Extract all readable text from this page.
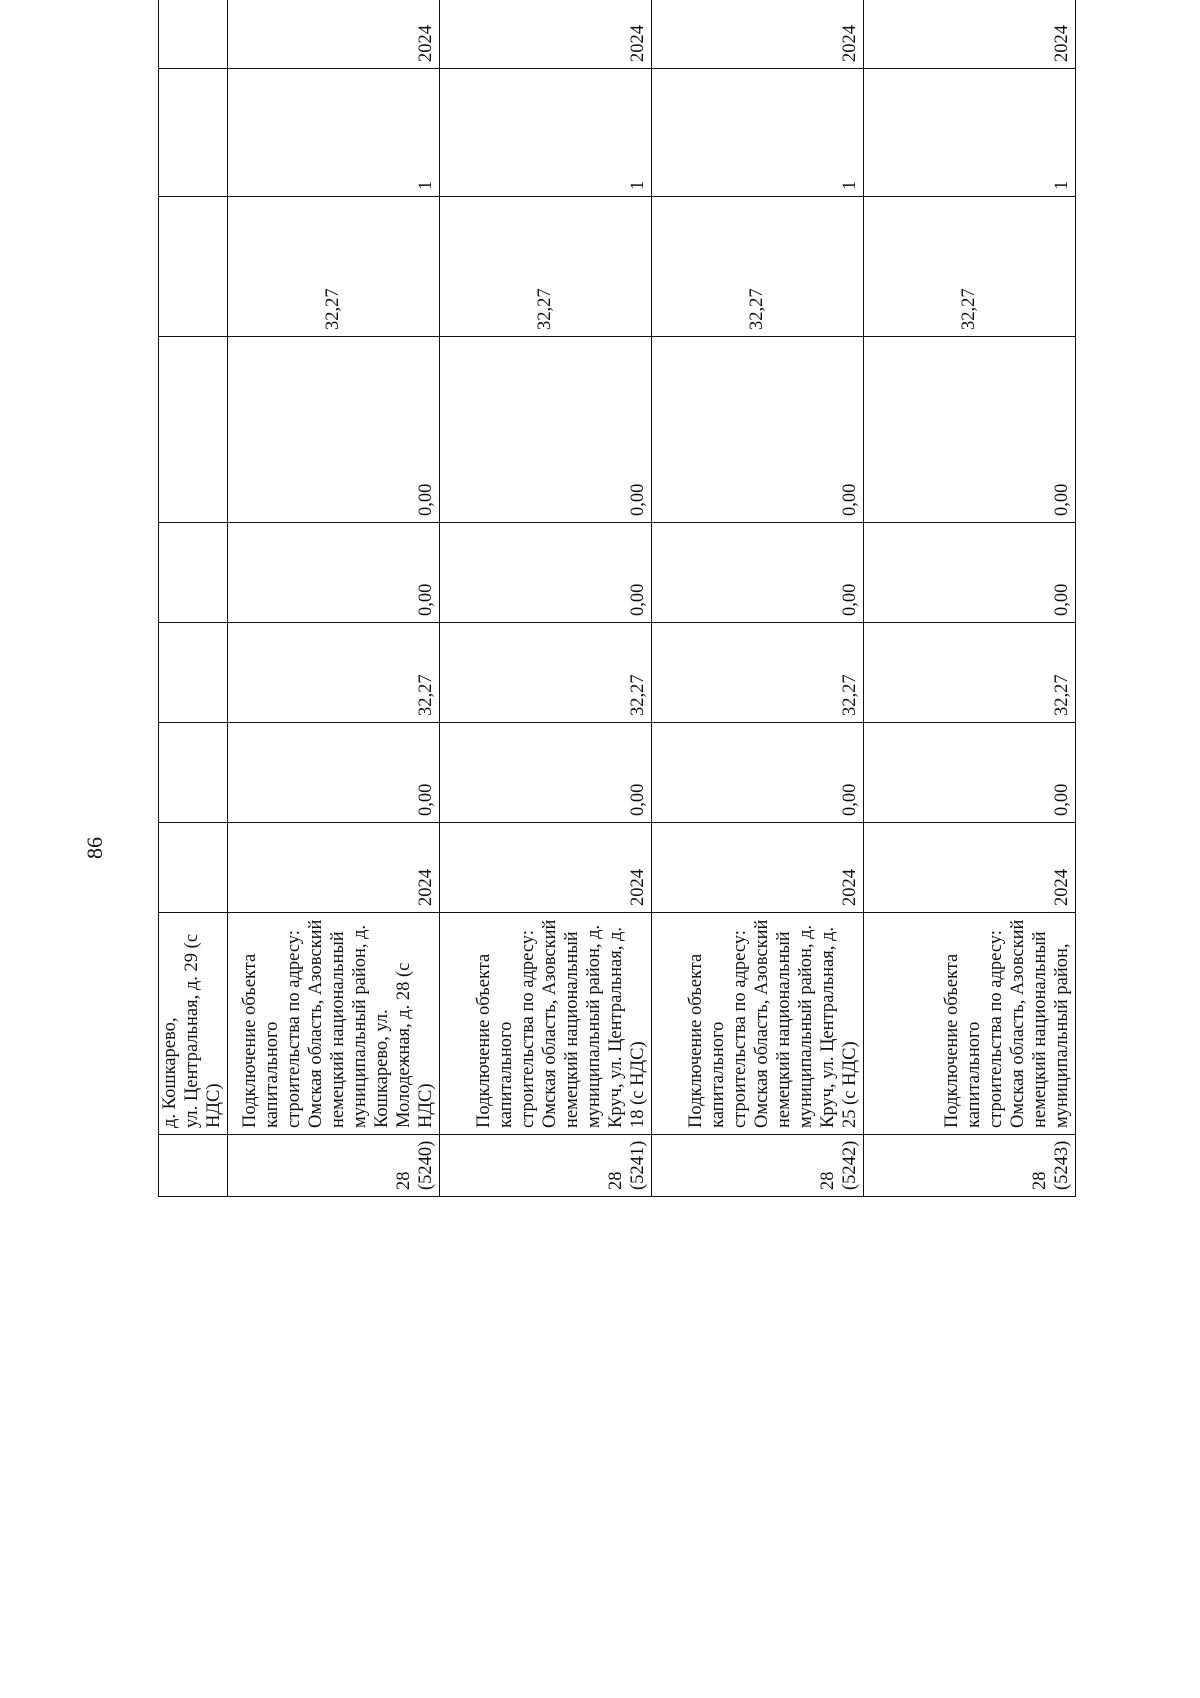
86
	д. Кошкарево,
ул. Центральная, д. 29 (с НДС)									
28
(5240)	Подключение объекта капитального строительства по адресу: Омская область, Азовский немецкий национальный муниципальный район, д. Кошкарево, ул. Молодежная, д. 28 (с НДС)	2024	0,00	32,27	0,00	0,00	32,27	1	2024	
28
(5241)	Подключение объекта капитального строительства по адресу: Омская область, Азовский немецкий национальный муниципальный район, д. Круч, ул. Центральная, д. 18 (с НДС)	2024	0,00	32,27	0,00	0,00	32,27	1	2024	
28
(5242)	Подключение объекта капитального строительства по адресу: Омская область, Азовский немецкий национальный муниципальный район, д. Круч, ул. Центральная, д. 25 (с НДС)	2024	0,00	32,27	0,00	0,00	32,27	1	2024	
28
(5243)	Подключение объекта капитального строительства по адресу: Омская область, Азовский немецкий национальный муниципальный район,	2024	0,00	32,27	0,00	0,00	32,27	1	2024	
